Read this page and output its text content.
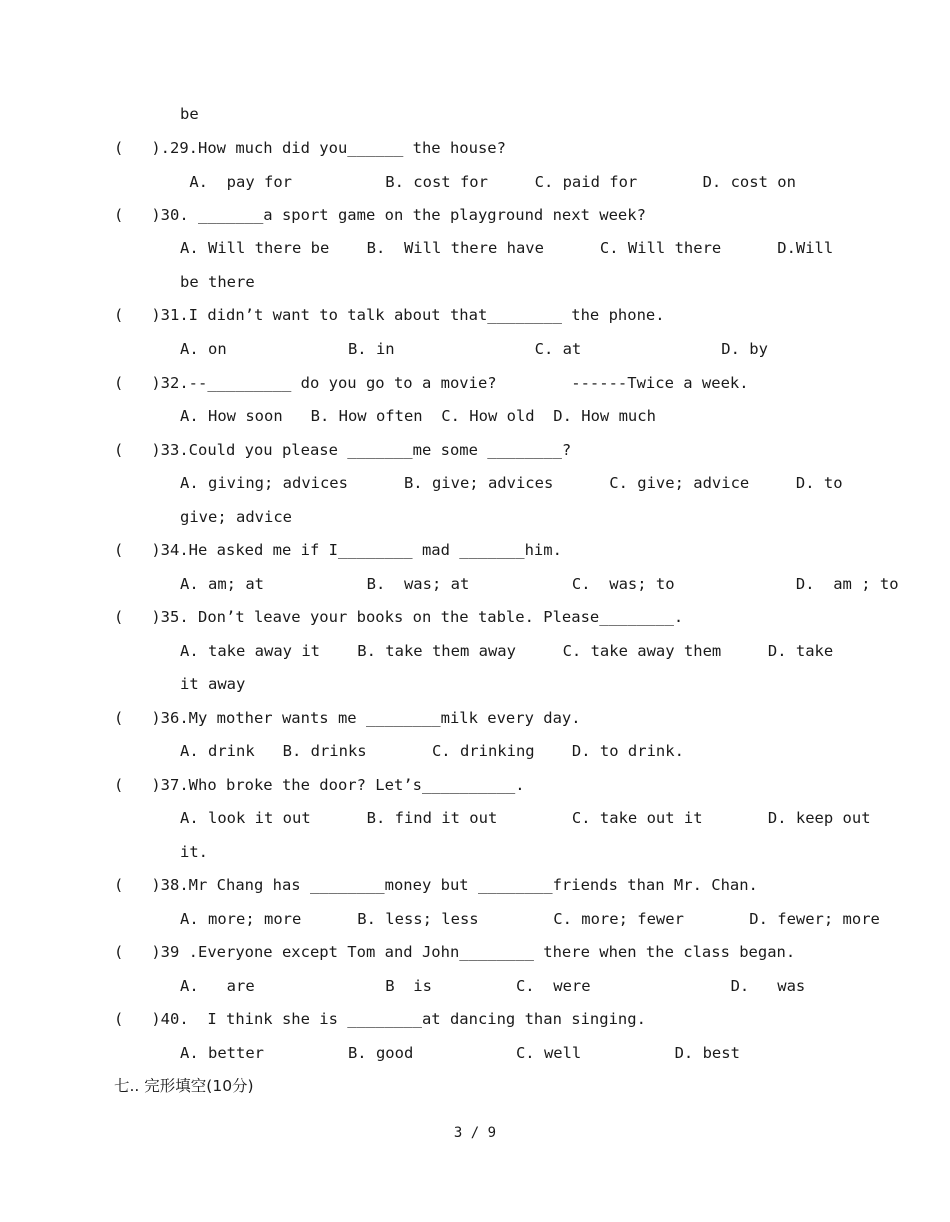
be
(   ).29.How much did you______ the house?
A.  pay for          B. cost for     C. paid for       D. cost on
(   )30. _______a sport game on the playground next week?
A. Will there be    B.  Will there have      C. Will there      D.Will
be there
(   )31.I didn’t want to talk about that________ the phone.
A. on             B. in               C. at               D. by
(   )32.--_________ do you go to a movie?        ------Twice a week.
A. How soon   B. How often  C. How old  D. How much
(   )33.Could you please _______me some ________?
A. giving; advices      B. give; advices      C. give; advice     D. to
give; advice
(   )34.He asked me if I________ mad _______him.
A. am; at           B.  was; at           C.  was; to             D.  am ; to
(   )35. Don’t leave your books on the table. Please________.
A. take away it    B. take them away     C. take away them     D. take
it away
(   )36.My mother wants me ________milk every day.
A. drink   B. drinks       C. drinking    D. to drink.
(   )37.Who broke the door? Let’s__________.
A. look it out      B. find it out        C. take out it       D. keep out
it.
(   )38.Mr Chang has ________money but ________friends than Mr. Chan.
A. more; more      B. less; less        C. more; fewer       D. fewer; more
(   )39 .Everyone except Tom and John________ there when the class began.
A.   are              B  is         C.  were               D.   was
(   )40.  I think she is ________at dancing than singing.
A. better         B. good           C. well          D. best
七.. 完形填空(10分)
3 / 9
